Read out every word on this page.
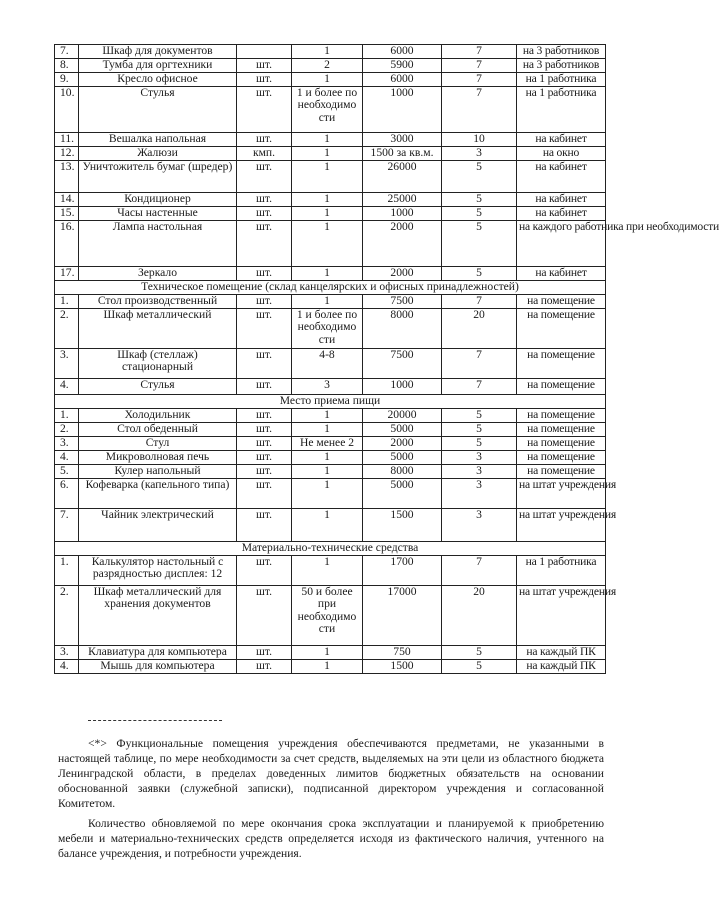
7.	Шкаф для документов		1	6000	7	на 3 работников
8.	Тумба для оргтехники	шт.	2	5900	7	на 3 работников
9.	Кресло офисное	шт.	1	6000	7	на 1 работника
10.	Стулья	шт.	1 и более по необходимо сти	1000	7	на 1 работника
11.	Вешалка напольная	шт.	1	3000	10	на кабинет
12.	Жалюзи	кмп.	1	1500 за кв.м.	3	на окно
13.	Уничтожитель бумаг (шредер)	шт.	1	26000	5	на кабинет
14.	Кондиционер	шт.	1	25000	5	на кабинет
15.	Часы настенные	шт.	1	1000	5	на кабинет
16.	Лампа настольная	шт.	1	2000	5	на каждого работника при необходимости
17.	Зеркало	шт.	1	2000	5	на кабинет
Техническое помещение (склад канцелярских и офисных принадлежностей)						
1.	Стол производственный	шт.	1	7500	7	на помещение
2.	Шкаф металлический	шт.	1 и более по необходимо сти	8000	20	на помещение
3.	Шкаф (стеллаж) стационарный	шт.	4-8	7500	7	на помещение
4.	Стулья	шт.	3	1000	7	на помещение
Место приема пищи						
1.	Холодильник	шт.	1	20000	5	на помещение
2.	Стол обеденный	шт.	1	5000	5	на помещение
3.	Стул	шт.	Не менее 2	2000	5	на помещение
4.	Микроволновая печь	шт.	1	5000	3	на помещение
5.	Кулер напольный	шт.	1	8000	3	на помещение
6.	Кофеварка (капельного типа)	шт.	1	5000	3	на штат учреждения
7.	Чайник электрический	шт.	1	1500	3	на штат учреждения
Материально-технические средства						
1.	Калькулятор настольный с разрядностью дисплея: 12	шт.	1	1700	7	на 1 работника
2.	Шкаф металлический для хранения документов	шт.	50 и более при необходимо сти	17000	20	на штат учреждения
3.	Клавиатура для компьютера	шт.	1	750	5	на каждый ПК
4.	Мышь для компьютера	шт.	1	1500	5	на каждый ПК

<*> Функциональные помещения учреждения обеспечиваются предметами, не указанными в настоящей таблице, по мере необходимости за счет средств, выделяемых на эти цели из областного бюджета Ленинградской области, в пределах доведенных лимитов бюджетных обязательств на основании обоснованной заявки (служебной записки), подписанной директором учреждения и согласованной Комитетом.

Количество обновляемой по мере окончания срока эксплуатации и планируемой к приобретению мебели и материально-технических средств определяется исходя из фактического наличия, учтенного на балансе учреждения, и потребности учреждения.
